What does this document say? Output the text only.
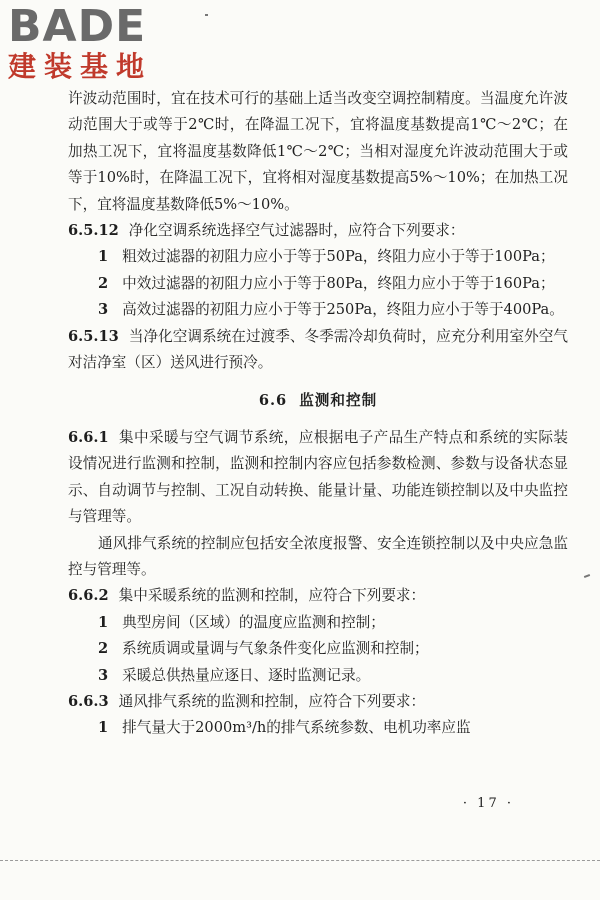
BADE
建装基地

许波动范围时，宜在技术可行的基础上适当改变空调控制精度。当温度允许波动范围大于或等于2℃时，在降温工况下，宜将温度基数提高1℃～2℃；在加热工况下，宜将温度基数降低1℃～2℃；当相对湿度允许波动范围大于或等于10%时，在降温工况下，宜将相对湿度基数提高5%～10%；在加热工况下，宜将温度基数降低5%～10%。

6.5.12 净化空调系统选择空气过滤器时，应符合下列要求：

1 粗效过滤器的初阻力应小于等于50Pa，终阻力应小于等于100Pa；

2 中效过滤器的初阻力应小于等于80Pa，终阻力应小于等于160Pa；

3 高效过滤器的初阻力应小于等于250Pa，终阻力应小于等于400Pa。

6.5.13 当净化空调系统在过渡季、冬季需冷却负荷时，应充分利用室外空气对洁净室（区）送风进行预冷。

6.6 监测和控制

6.6.1 集中采暖与空气调节系统，应根据电子产品生产特点和系统的实际装设情况进行监测和控制，监测和控制内容应包括参数检测、参数与设备状态显示、自动调节与控制、工况自动转换、能量计量、功能连锁控制以及中央监控与管理等。

通风排气系统的控制应包括安全浓度报警、安全连锁控制以及中央应急监控与管理等。

6.6.2 集中采暖系统的监测和控制，应符合下列要求：

1 典型房间（区域）的温度应监测和控制；

2 系统质调或量调与气象条件变化应监测和控制；

3 采暖总供热量应逐日、逐时监测记录。

6.6.3 通风排气系统的监测和控制，应符合下列要求：

1 排气量大于2000m³/h的排气系统参数、电机功率应监

· 17 ·
